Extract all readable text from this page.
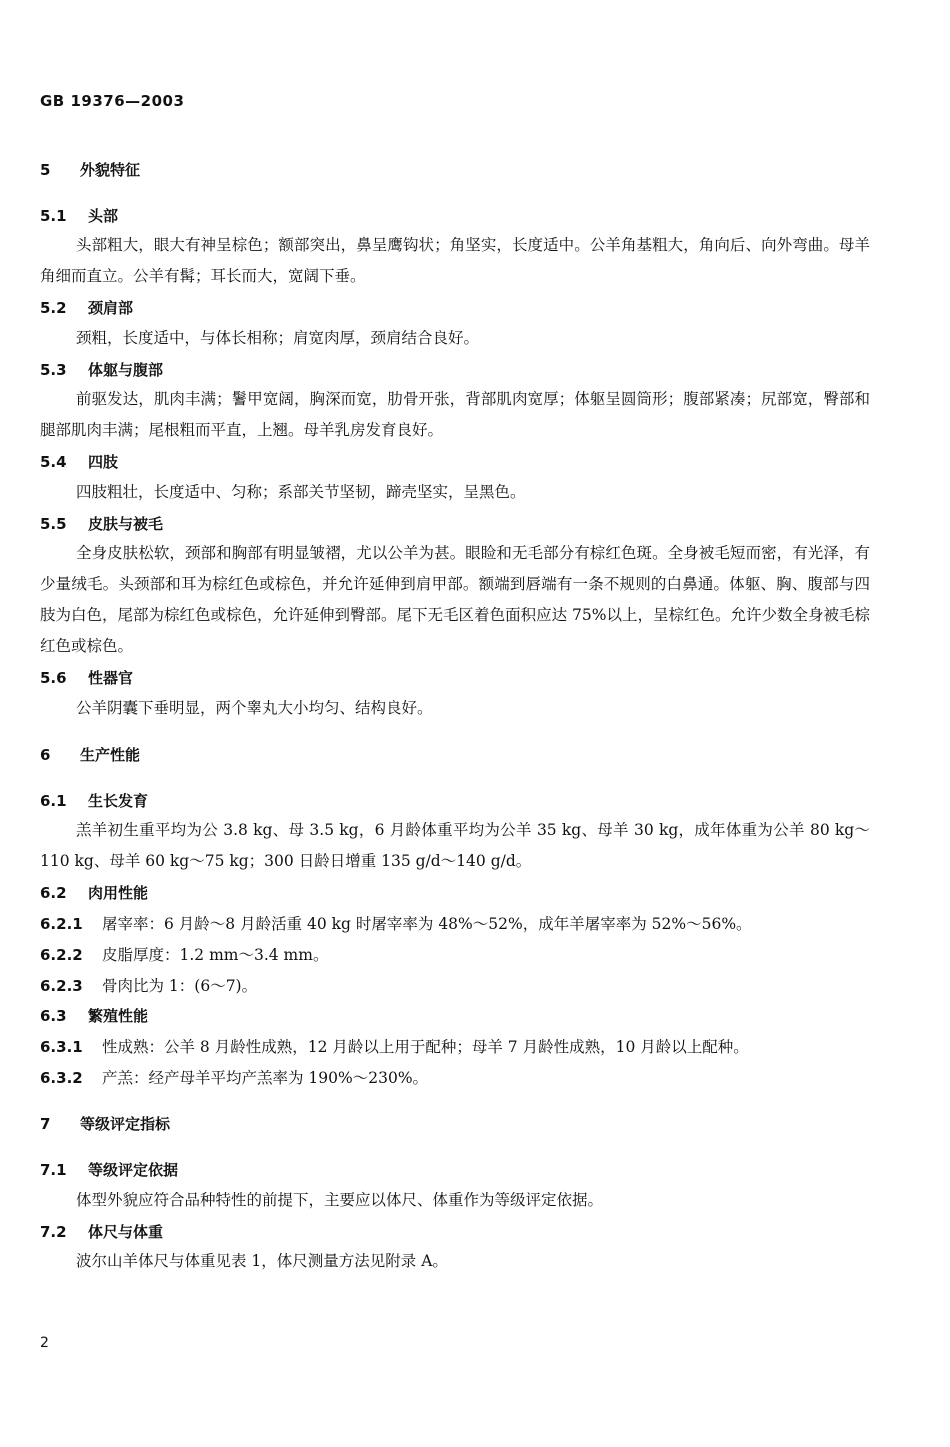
GB 19376—2003
5 外貌特征
5.1 头部
头部粗大，眼大有神呈棕色；额部突出，鼻呈鹰钩状；角坚实，长度适中。公羊角基粗大，角向后、向外弯曲。母羊角细而直立。公羊有髯；耳长而大，宽阔下垂。
5.2 颈肩部
颈粗，长度适中，与体长相称；肩宽肉厚，颈肩结合良好。
5.3 体躯与腹部
前驱发达，肌肉丰满；鬐甲宽阔，胸深而宽，肋骨开张，背部肌肉宽厚；体躯呈圆筒形；腹部紧凑；尻部宽，臀部和腿部肌肉丰满；尾根粗而平直，上翘。母羊乳房发育良好。
5.4 四肢
四肢粗壮，长度适中、匀称；系部关节坚韧，蹄壳坚实，呈黑色。
5.5 皮肤与被毛
全身皮肤松软，颈部和胸部有明显皱褶，尤以公羊为甚。眼睑和无毛部分有棕红色斑。全身被毛短而密，有光泽，有少量绒毛。头颈部和耳为棕红色或棕色，并允许延伸到肩甲部。额端到唇端有一条不规则的白鼻通。体躯、胸、腹部与四肢为白色，尾部为棕红色或棕色，允许延伸到臀部。尾下无毛区着色面积应达 75%以上，呈棕红色。允许少数全身被毛棕红色或棕色。
5.6 性器官
公羊阴囊下垂明显，两个睾丸大小均匀、结构良好。
6 生产性能
6.1 生长发育
羔羊初生重平均为公 3.8 kg、母 3.5 kg，6 月龄体重平均为公羊 35 kg、母羊 30 kg，成年体重为公羊 80 kg～110 kg、母羊 60 kg～75 kg；300 日龄日增重 135 g/d～140 g/d。
6.2 肉用性能
6.2.1 屠宰率：6 月龄～8 月龄活重 40 kg 时屠宰率为 48%～52%，成年羊屠宰率为 52%～56%。
6.2.2 皮脂厚度：1.2 mm～3.4 mm。
6.2.3 骨肉比为 1：(6～7)。
6.3 繁殖性能
6.3.1 性成熟：公羊 8 月龄性成熟，12 月龄以上用于配种；母羊 7 月龄性成熟，10 月龄以上配种。
6.3.2 产羔：经产母羊平均产羔率为 190%～230%。
7 等级评定指标
7.1 等级评定依据
体型外貌应符合品种特性的前提下，主要应以体尺、体重作为等级评定依据。
7.2 体尺与体重
波尔山羊体尺与体重见表 1，体尺测量方法见附录 A。
2
